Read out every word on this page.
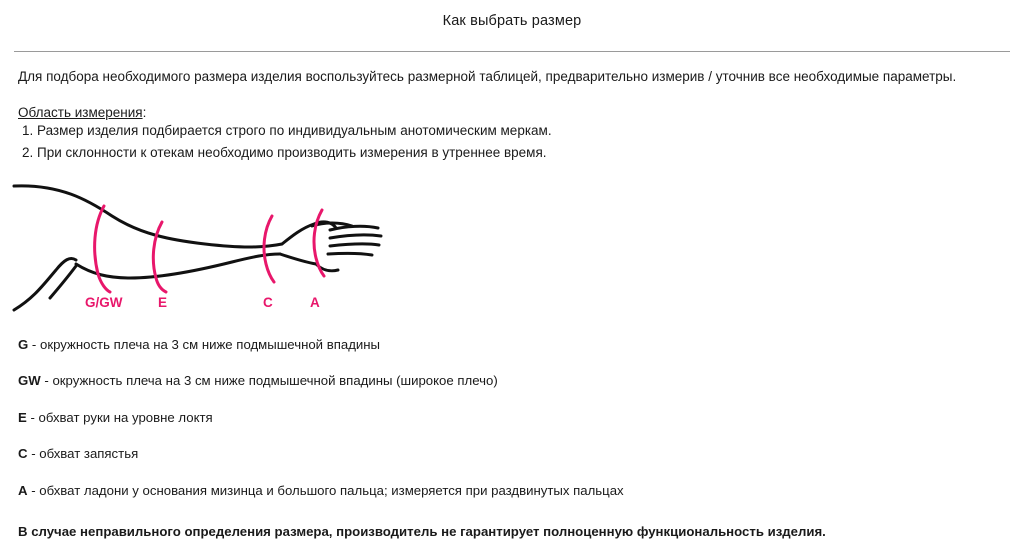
Как выбрать размер
Для подбора необходимого размера изделия воспользуйтесь размерной таблицей, предварительно измерив / уточнив все необходимые параметры.
Область измерения:
1. Размер изделия подбирается строго по индивидуальным анотомическим меркам.
2. При склонности к отекам необходимо производить измерения в утреннее время.
G/GW	E	C	A

G - окружность плеча на 3 см ниже подмышечной впадины

GW - окружность плеча на 3 см ниже подмышечной впадины (широкое плечо)

E - обхват руки на уровне локтя

C - обхват запястья

A - обхват ладони у основания мизинца и большого пальца; измеряется при раздвинутых пальцах

В случае неправильного определения размера, производитель не гарантирует полноценную функциональность изделия.
